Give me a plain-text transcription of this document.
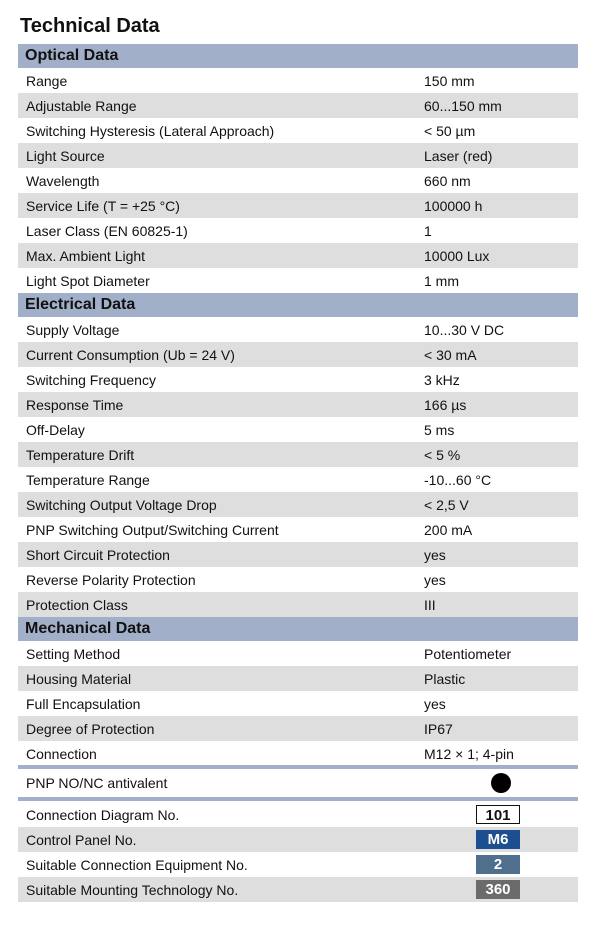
Technical Data
Optical Data
Range	150 mm
Adjustable Range	60...150 mm
Switching Hysteresis (Lateral Approach)	< 50 µm
Light Source	Laser (red)
Wavelength	660 nm
Service Life (T = +25 °C)	100000 h
Laser Class (EN 60825-1)	1
Max. Ambient Light	10000 Lux
Light Spot Diameter	1 mm
Electrical Data
Supply Voltage	10...30 V DC
Current Consumption (Ub = 24 V)	< 30 mA
Switching Frequency	3 kHz
Response Time	166 µs
Off-Delay	5 ms
Temperature Drift	< 5 %
Temperature Range	-10...60 °C
Switching Output Voltage Drop	< 2,5 V
PNP Switching Output/Switching Current	200 mA
Short Circuit Protection	yes
Reverse Polarity Protection	yes
Protection Class	III
Mechanical Data
Setting Method	Potentiometer
Housing Material	Plastic
Full Encapsulation	yes
Degree of Protection	IP67
Connection	M12 × 1; 4-pin
PNP NO/NC antivalent
Connection Diagram No.	101
Control Panel No.	M6
Suitable Connection Equipment No.	2
Suitable Mounting Technology No.	360
